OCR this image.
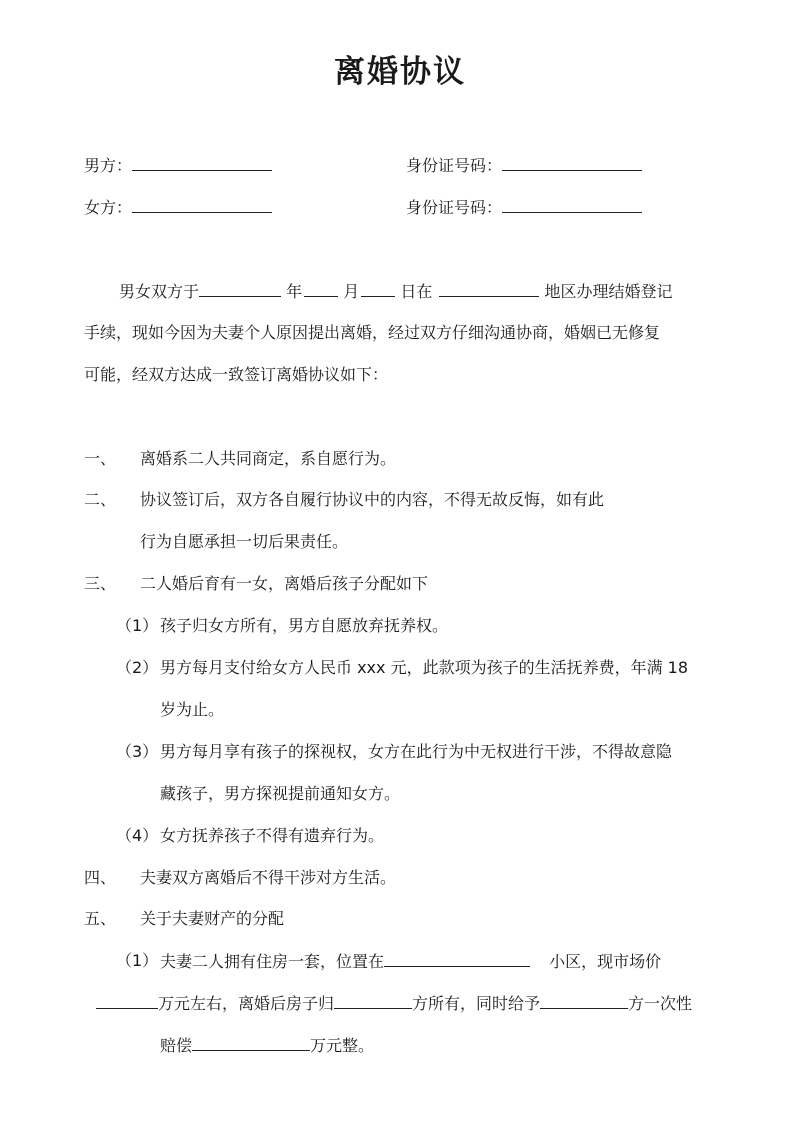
离婚协议
男方：	身份证号码：
女方：	身份证号码：
男女双方于	年	月	日在	地区办理结婚登记
手续，现如今因为夫妻个人原因提出离婚，经过双方仔细沟通协商，婚姻已无修复
可能，经双方达成一致签订离婚协议如下：
一、 离婚系二人共同商定，系自愿行为。
二、 协议签订后，双方各自履行协议中的内容，不得无故反悔，如有此
行为自愿承担一切后果责任。
三、 二人婚后育有一女，离婚后孩子分配如下
（1） 孩子归女方所有，男方自愿放弃抚养权。
（2） 男方每月支付给女方人民币 xxx 元，此款项为孩子的生活抚养费，年满 18
岁为止。
（3） 男方每月享有孩子的探视权，女方在此行为中无权进行干涉，不得故意隐
藏孩子，男方探视提前通知女方。
（4） 女方抚养孩子不得有遗弃行为。
四、 夫妻双方离婚后不得干涉对方生活。
五、 关于夫妻财产的分配
（1） 夫妻二人拥有住房一套，位置在	小区，现市场价
万元左右，离婚后房子归	方所有，同时给予	方一次性
赔偿	万元整。
